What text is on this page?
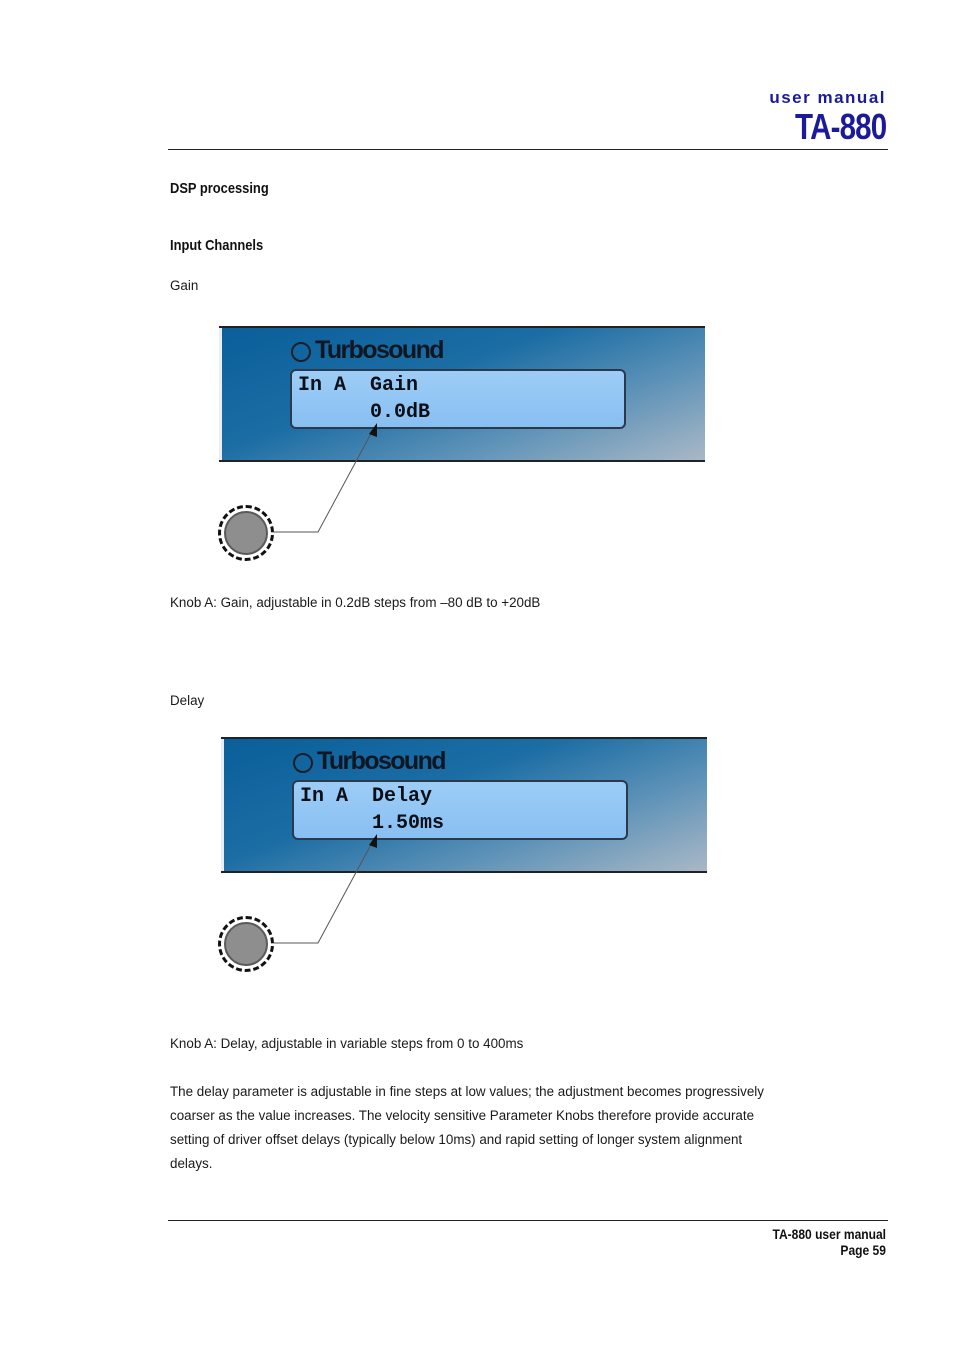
user manual
TA-880
DSP processing
Input Channels
Gain
Turbosound
In A  Gain
0.0dB
Knob A: Gain, adjustable in 0.2dB steps from –80 dB to +20dB
Delay
Turbosound
In A  Delay
1.50ms
Knob A: Delay, adjustable in variable steps from 0 to 400ms
The delay parameter is adjustable in fine steps at low values; the adjustment becomes progressively coarser as the value increases. The velocity sensitive Parameter Knobs therefore provide accurate setting of driver offset delays (typically below 10ms) and rapid setting of longer system alignment delays.
TA-880 user manual
Page 59
